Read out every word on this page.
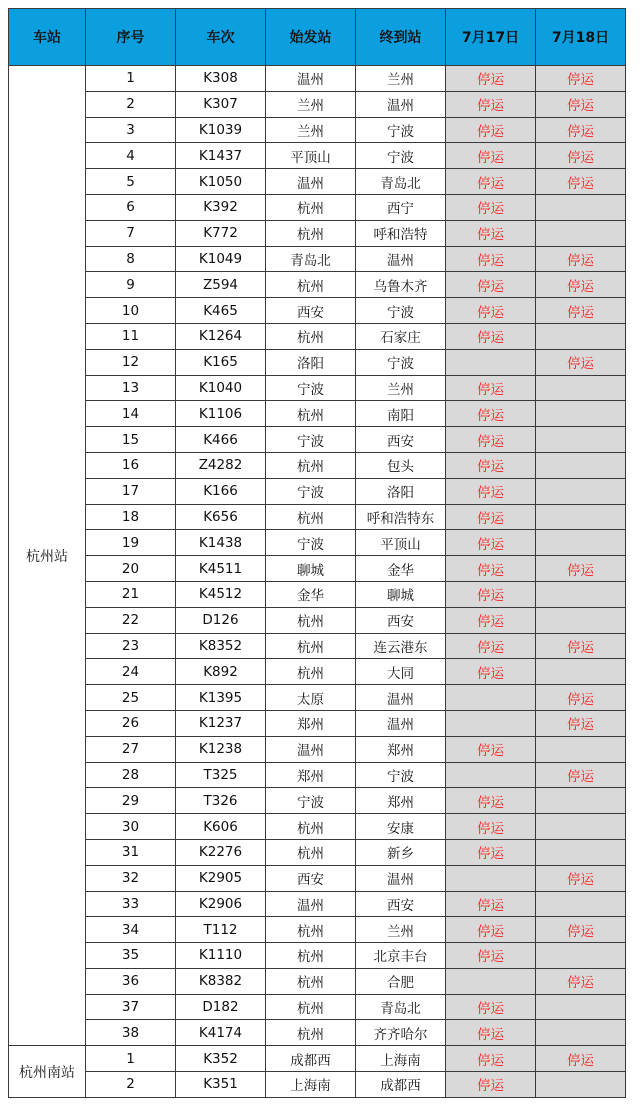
车站	序号	车次	始发站	终到站	7月17日	7月18日
杭州站	1	K308	温州	兰州	停运	停运
	2	K307	兰州	温州	停运	停运
	3	K1039	兰州	宁波	停运	停运
	4	K1437	平顶山	宁波	停运	停运
	5	K1050	温州	青岛北	停运	停运
	6	K392	杭州	西宁	停运	
	7	K772	杭州	呼和浩特	停运	
	8	K1049	青岛北	温州	停运	停运
	9	Z594	杭州	乌鲁木齐	停运	停运
	10	K465	西安	宁波	停运	停运
	11	K1264	杭州	石家庄	停运	
	12	K165	洛阳	宁波		停运
	13	K1040	宁波	兰州	停运	
	14	K1106	杭州	南阳	停运	
	15	K466	宁波	西安	停运	
	16	Z4282	杭州	包头	停运	
	17	K166	宁波	洛阳	停运	
	18	K656	杭州	呼和浩特东	停运	
	19	K1438	宁波	平顶山	停运	
	20	K4511	聊城	金华	停运	停运
	21	K4512	金华	聊城	停运	
	22	D126	杭州	西安	停运	
	23	K8352	杭州	连云港东	停运	停运
	24	K892	杭州	大同	停运	
	25	K1395	太原	温州		停运
	26	K1237	郑州	温州		停运
	27	K1238	温州	郑州	停运	
	28	T325	郑州	宁波		停运
	29	T326	宁波	郑州	停运	
	30	K606	杭州	安康	停运	
	31	K2276	杭州	新乡	停运	
	32	K2905	西安	温州		停运
	33	K2906	温州	西安	停运	
	34	T112	杭州	兰州	停运	停运
	35	K1110	杭州	北京丰台	停运	
	36	K8382	杭州	合肥		停运
	37	D182	杭州	青岛北	停运	
	38	K4174	杭州	齐齐哈尔	停运	
杭州南站	1	K352	成都西	上海南	停运	停运
	2	K351	上海南	成都西	停运	
